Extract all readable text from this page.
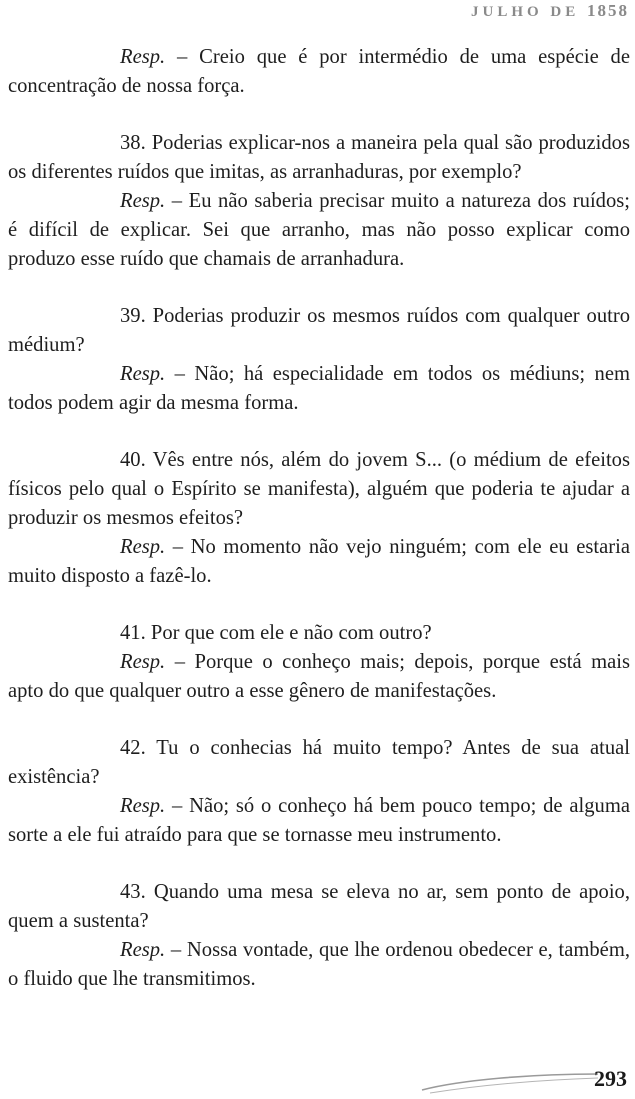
JULHO DE 1858

Resp. – Creio que é por intermédio de uma espécie de concentração de nossa força.

38. Poderias explicar-nos a maneira pela qual são produzidos os diferentes ruídos que imitas, as arranhaduras, por exemplo?

Resp. – Eu não saberia precisar muito a natureza dos ruídos; é difícil de explicar. Sei que arranho, mas não posso explicar como produzo esse ruído que chamais de arranhadura.

39. Poderias produzir os mesmos ruídos com qualquer outro médium?

Resp. – Não; há especialidade em todos os médiuns; nem todos podem agir da mesma forma.

40. Vês entre nós, além do jovem S... (o médium de efeitos físicos pelo qual o Espírito se manifesta), alguém que poderia te ajudar a produzir os mesmos efeitos?

Resp. – No momento não vejo ninguém; com ele eu estaria muito disposto a fazê-lo.

41. Por que com ele e não com outro?

Resp. – Porque o conheço mais; depois, porque está mais apto do que qualquer outro a esse gênero de manifestações.

42. Tu o conhecias há muito tempo? Antes de sua atual existência?

Resp. – Não; só o conheço há bem pouco tempo; de alguma sorte a ele fui atraído para que se tornasse meu instrumento.

43. Quando uma mesa se eleva no ar, sem ponto de apoio, quem a sustenta?

Resp. – Nossa vontade, que lhe ordenou obedecer e, também, o fluido que lhe transmitimos.

293
